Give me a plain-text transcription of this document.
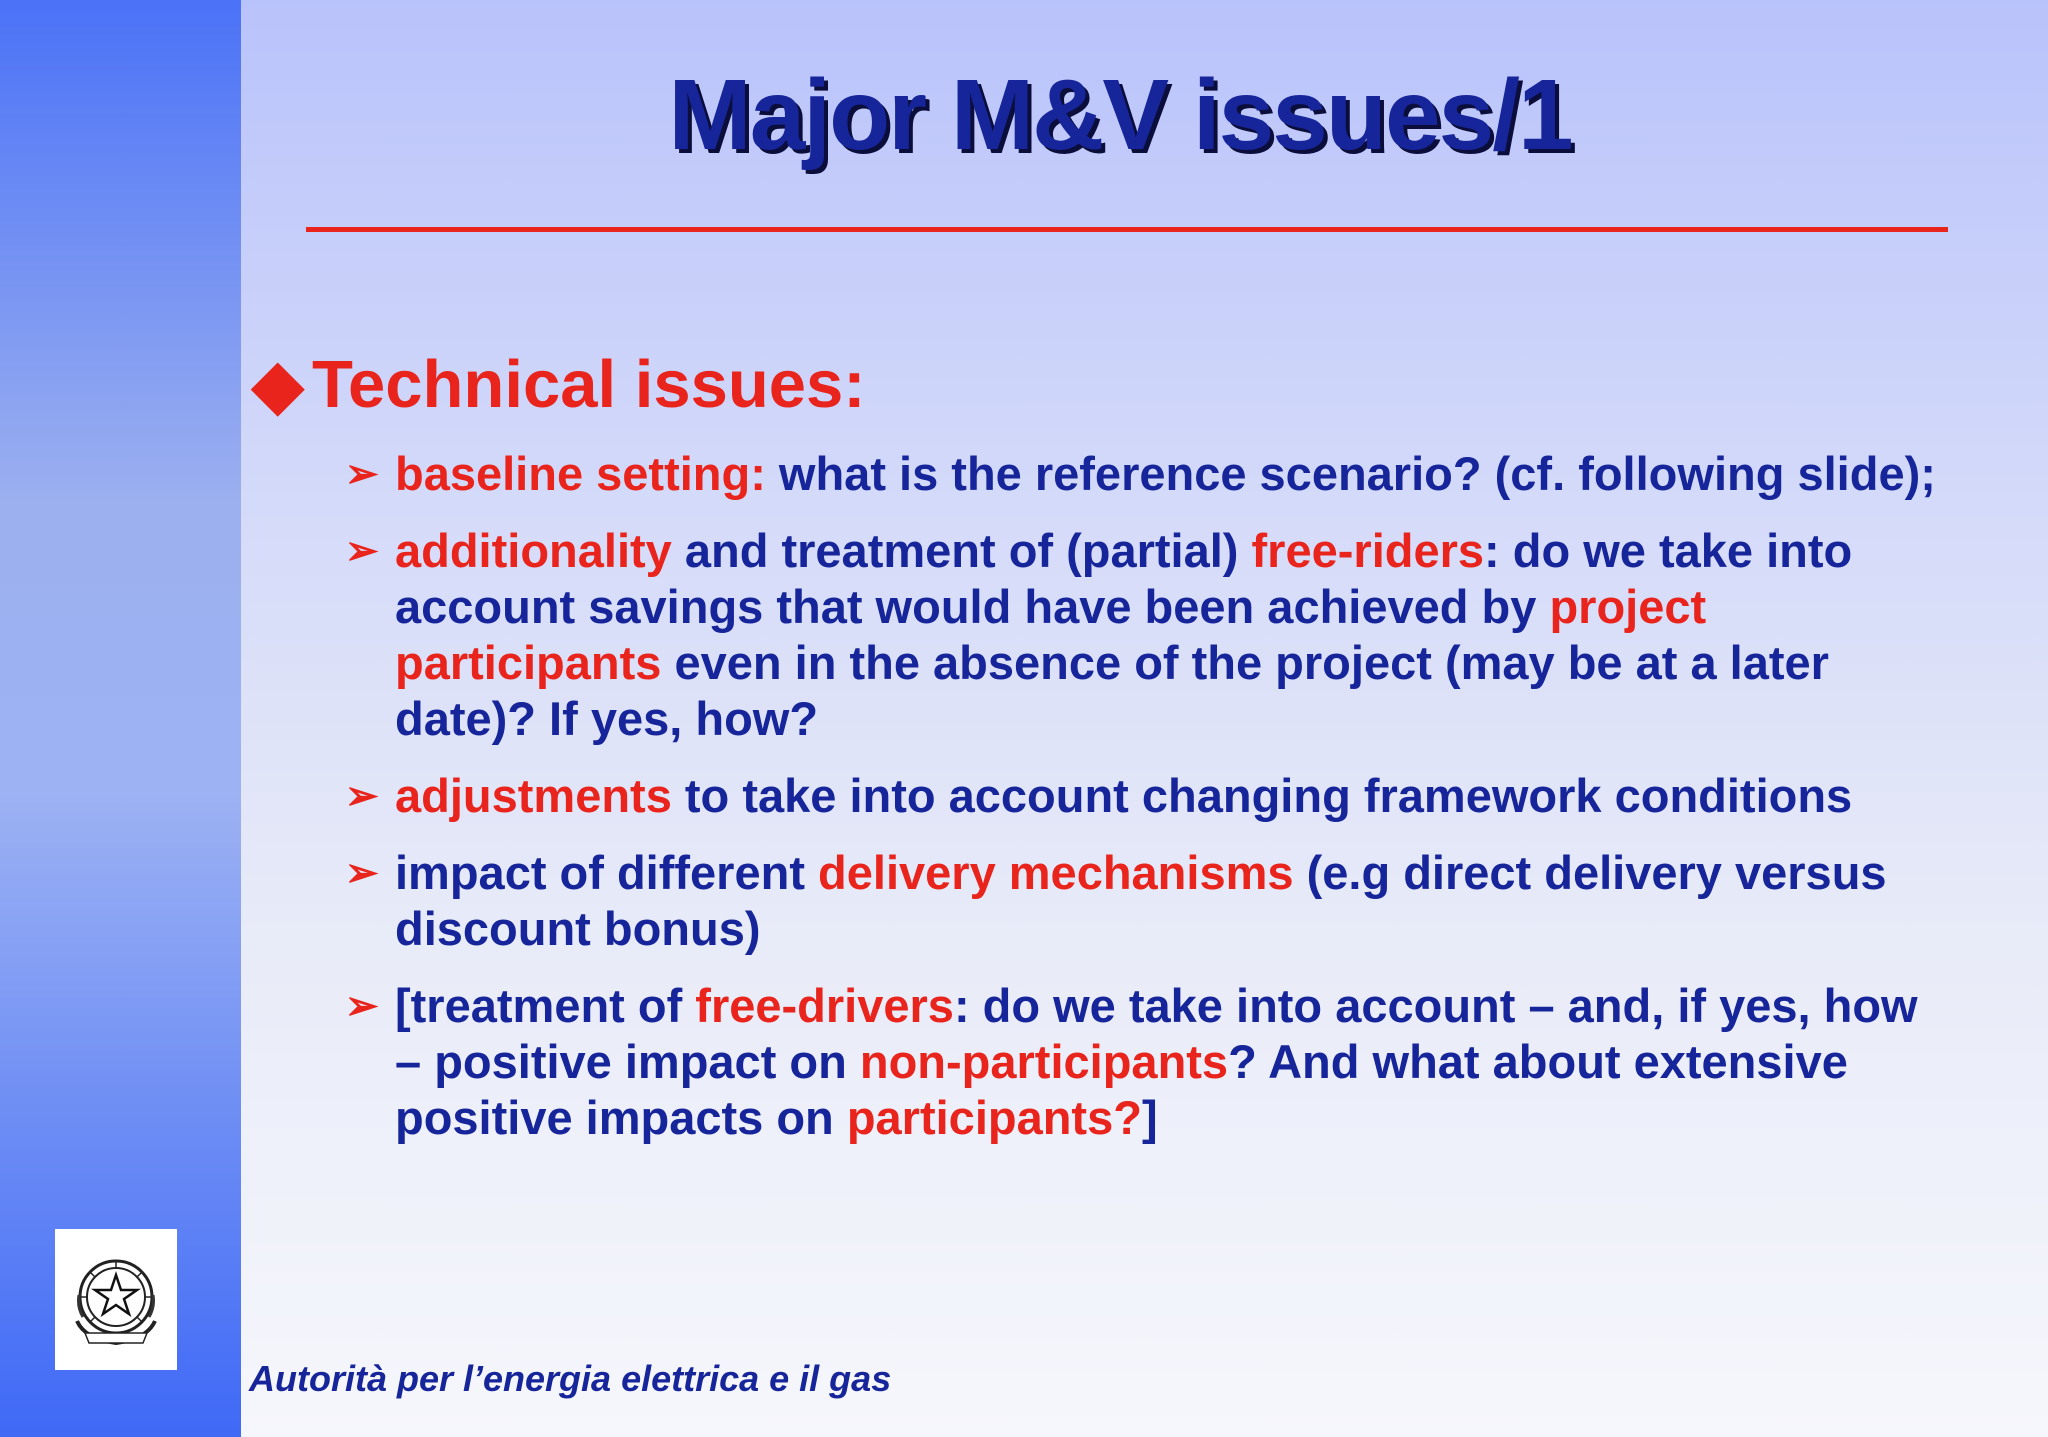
Major M&V issues/1
◆ Technical issues:
➢ baseline setting: what is the reference scenario? (cf. following slide);
➢ additionality and treatment of (partial) free-riders: do we take into account savings that would have been achieved by project participants even in the absence of the project (may be at a later date)? If yes, how?
➢ adjustments to take into account changing framework conditions
➢ impact of different delivery mechanisms (e.g direct delivery versus discount bonus)
➢ [treatment of free-drivers: do we take into account – and, if yes, how – positive impact on non-participants? And what about extensive positive impacts on participants?]
Autorità per l’energia elettrica e il gas
